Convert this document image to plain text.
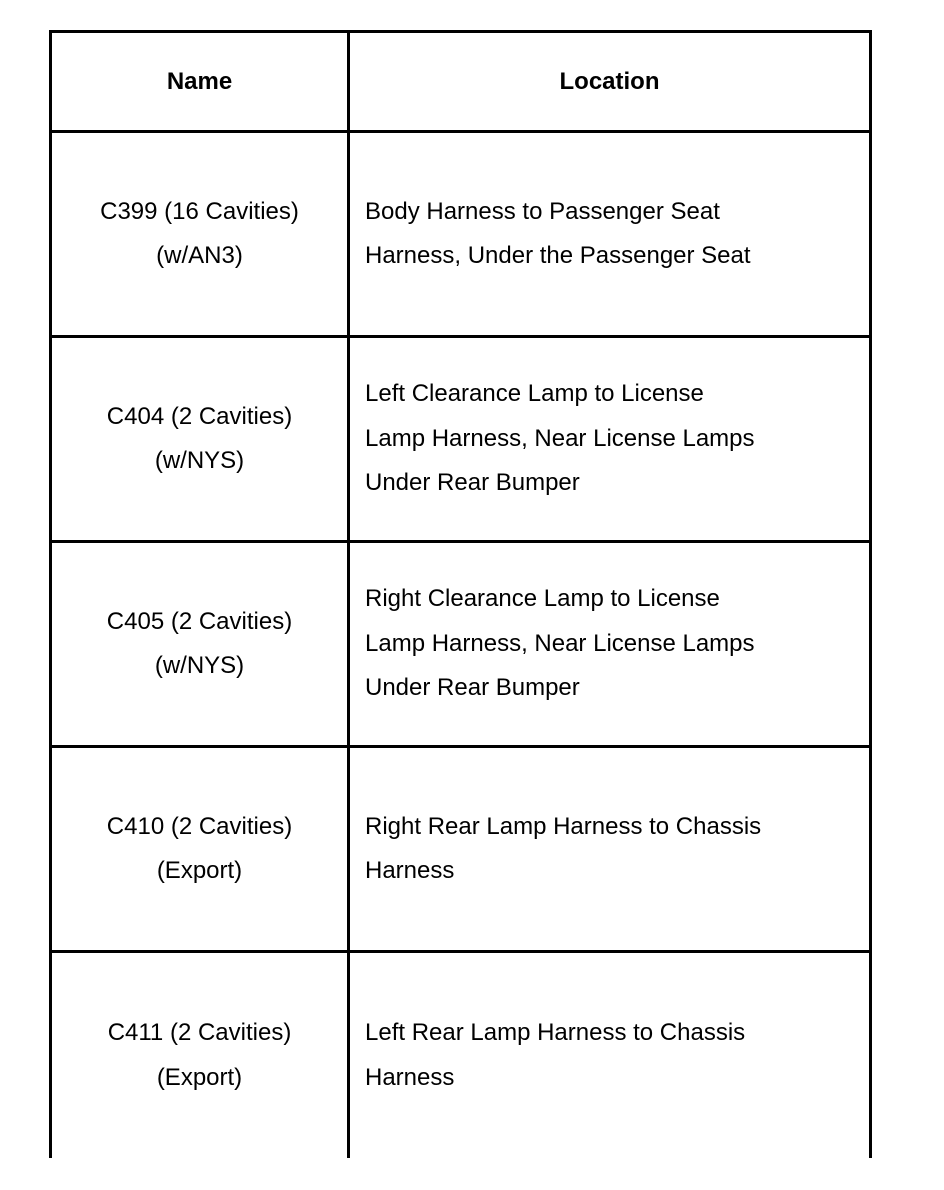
Name	Location

C399 (16 Cavities)
(w/AN3)	Body Harness to Passenger Seat
Harness, Under the Passenger Seat

C404 (2 Cavities)
(w/NYS)	Left Clearance Lamp to License
Lamp Harness, Near License Lamps
Under Rear Bumper

C405 (2 Cavities)
(w/NYS)	Right Clearance Lamp to License
Lamp Harness, Near License Lamps
Under Rear Bumper

C410 (2 Cavities)
(Export)	Right Rear Lamp Harness to Chassis
Harness

C411 (2 Cavities)
(Export)	Left Rear Lamp Harness to Chassis
Harness
